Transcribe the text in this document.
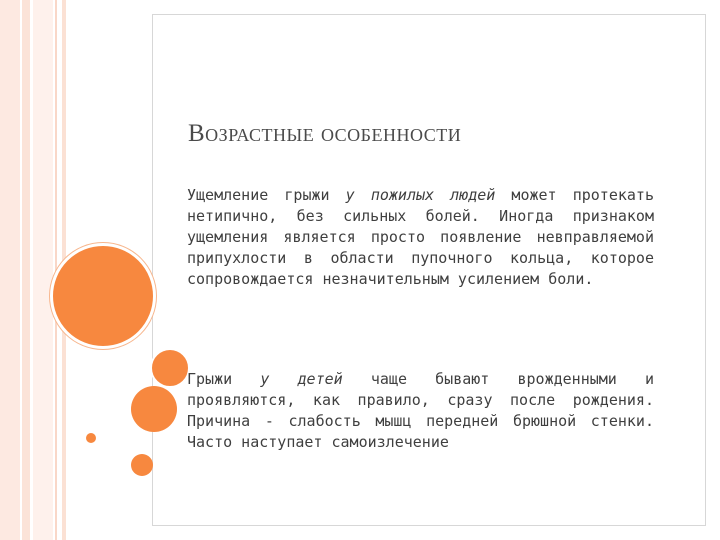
Возрастные особенности

Ущемление грыжи у пожилых людей может протекать нетипично, без сильных болей. Иногда признаком ущемления является просто появление невправляемой припухлости в области пупочного кольца, которое сопровождается незначительным усилением боли.

Грыжи у детей чаще бывают врожденными и проявляются, как правило, сразу после рождения. Причина - слабость мышц передней брюшной стенки. Часто наступает самоизлечение
